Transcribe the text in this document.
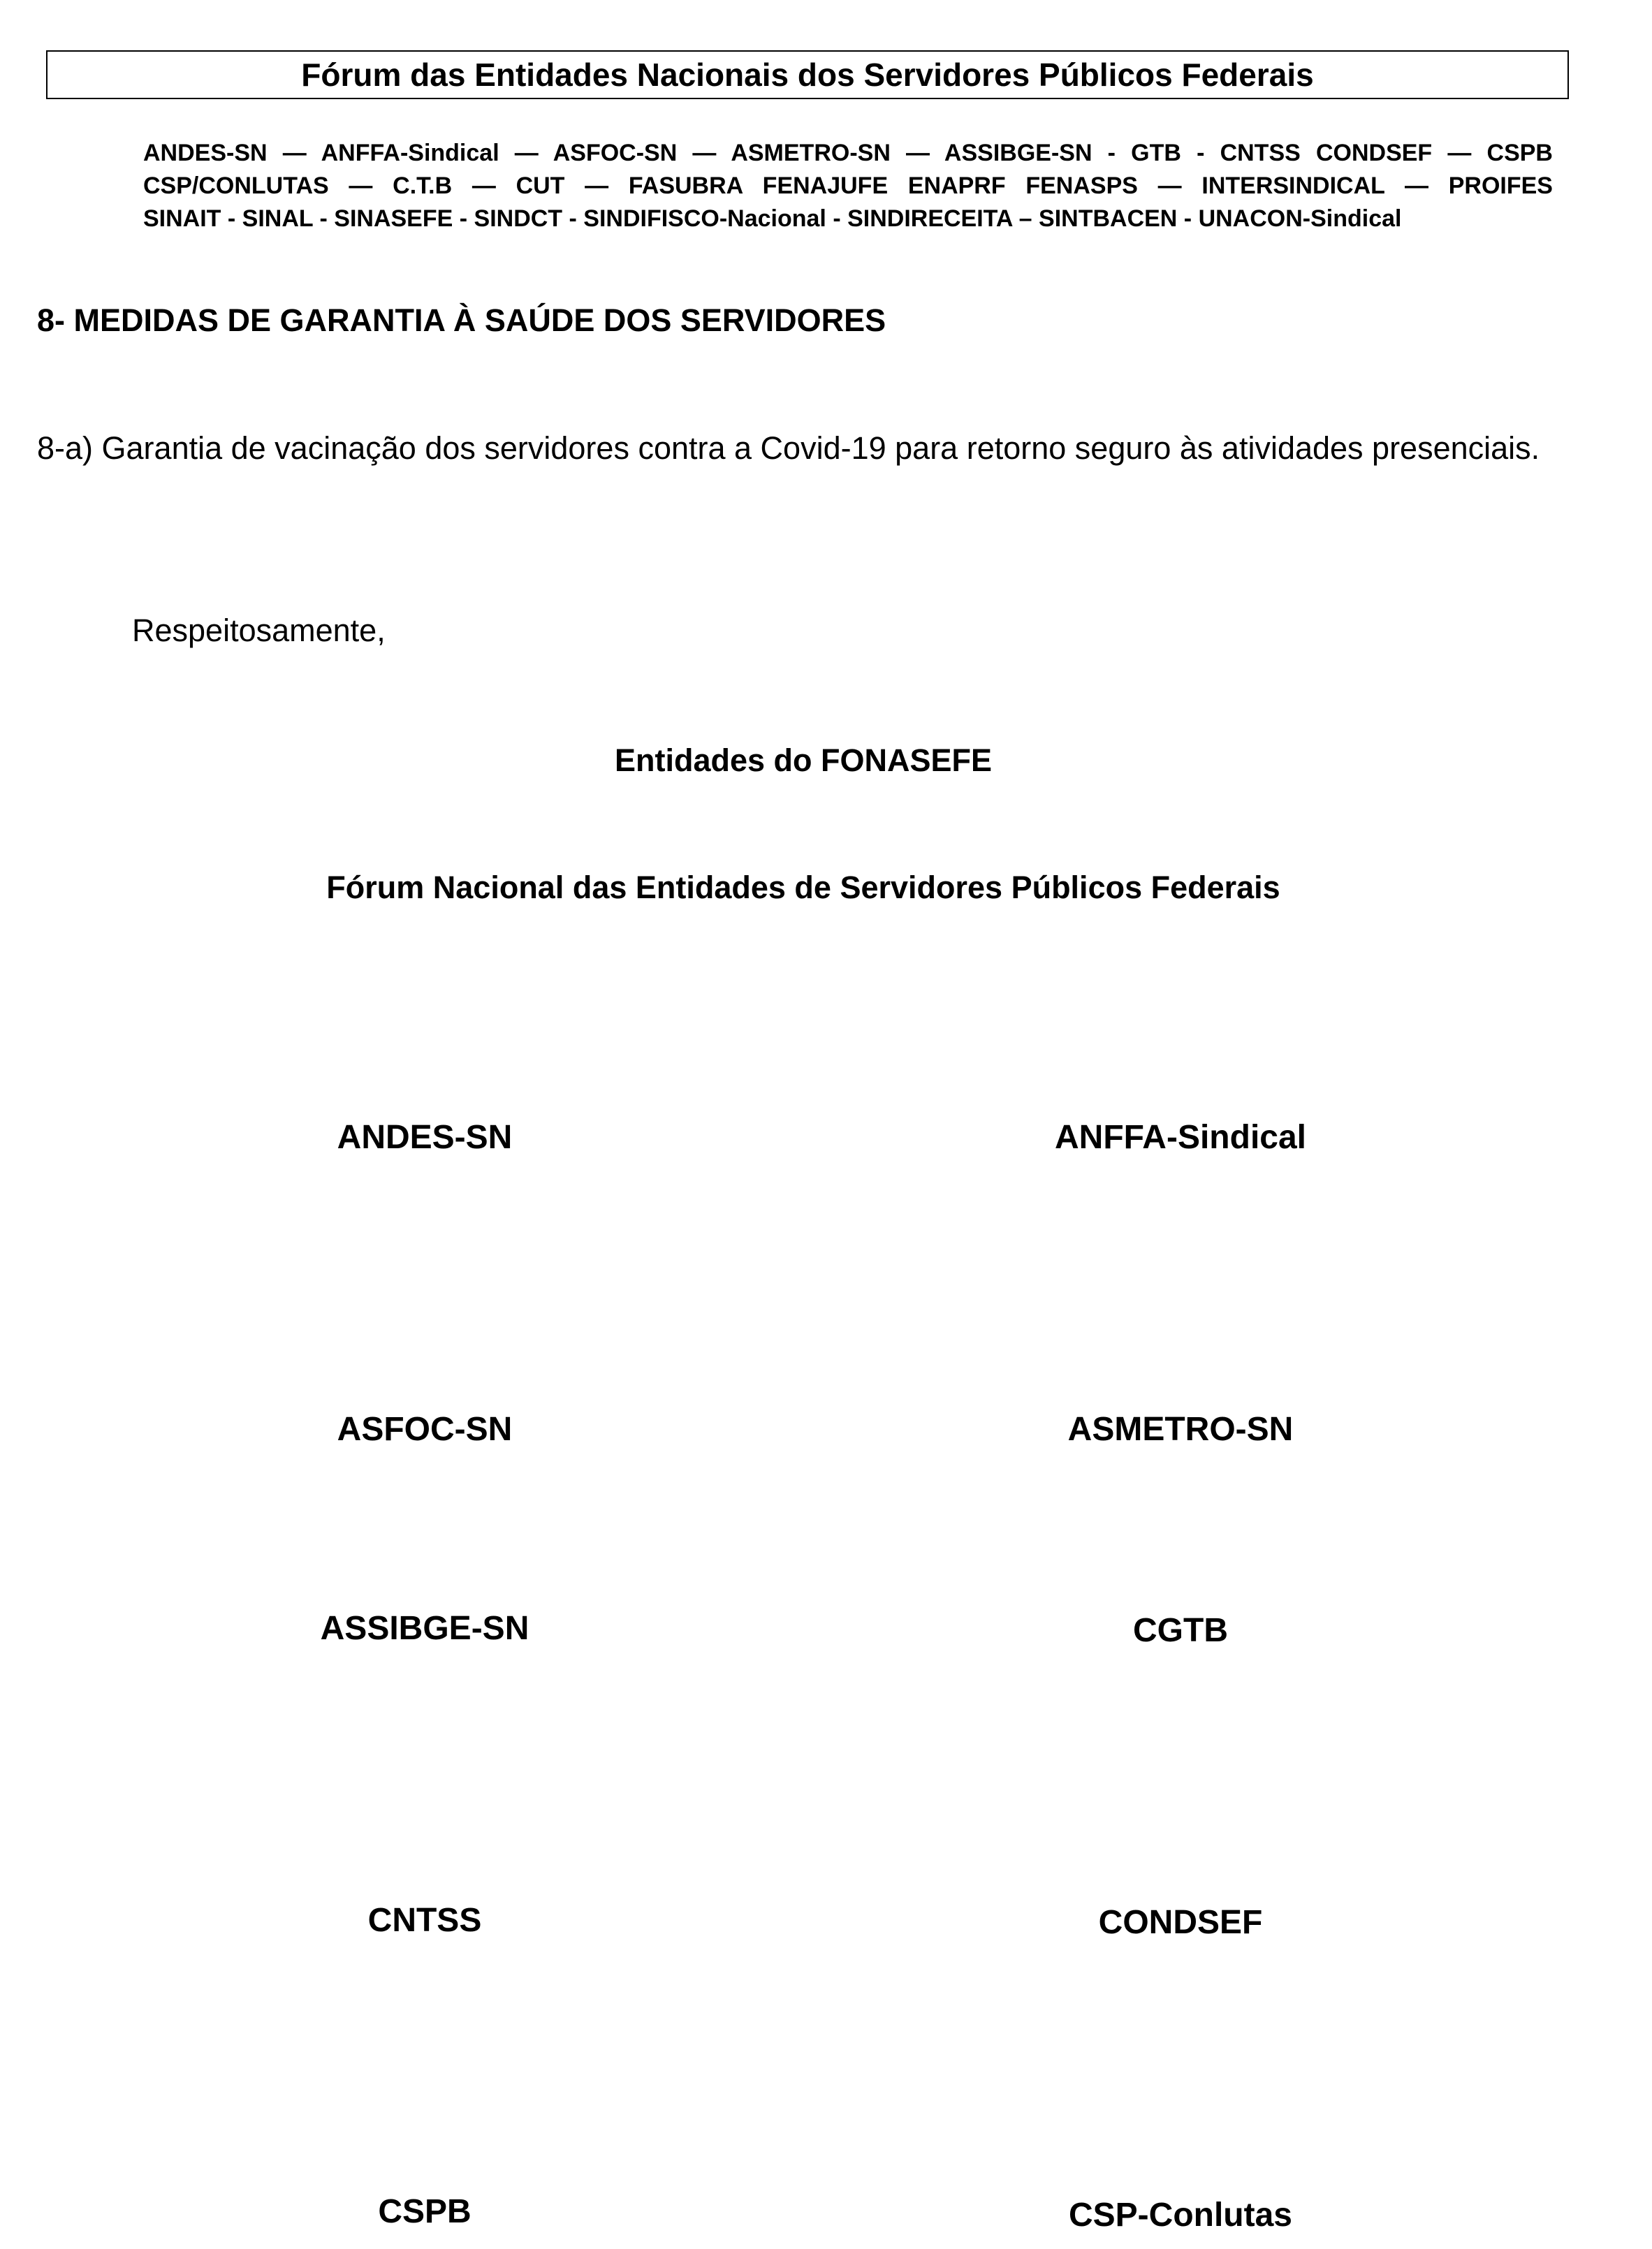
Fórum das Entidades Nacionais dos Servidores Públicos Federais
ANDES-SN — ANFFA-Sindical — ASFOC-SN — ASMETRO-SN — ASSIBGE-SN - GTB - CNTSS CONDSEF — CSPB
CSP/CONLUTAS — C.T.B — CUT — FASUBRA FENAJUFE ENAPRF FENASPS — INTERSINDICAL — PROIFES
SINAIT - SINAL - SINASEFE - SINDCT - SINDIFISCO-Nacional - SINDIRECEITA – SINTBACEN - UNACON-Sindical
8- MEDIDAS DE GARANTIA À SAÚDE DOS SERVIDORES
8-a) Garantia de vacinação dos servidores contra a Covid-19 para retorno seguro às atividades presenciais.
Respeitosamente,
Entidades do FONASEFE
Fórum Nacional das Entidades de Servidores Públicos Federais
ANDES-SN	ANFFA-Sindical
ASFOC-SN	ASMETRO-SN
ASSIBGE-SN	CGTB
CNTSS	CONDSEF
CSPB	CSP-Conlutas
